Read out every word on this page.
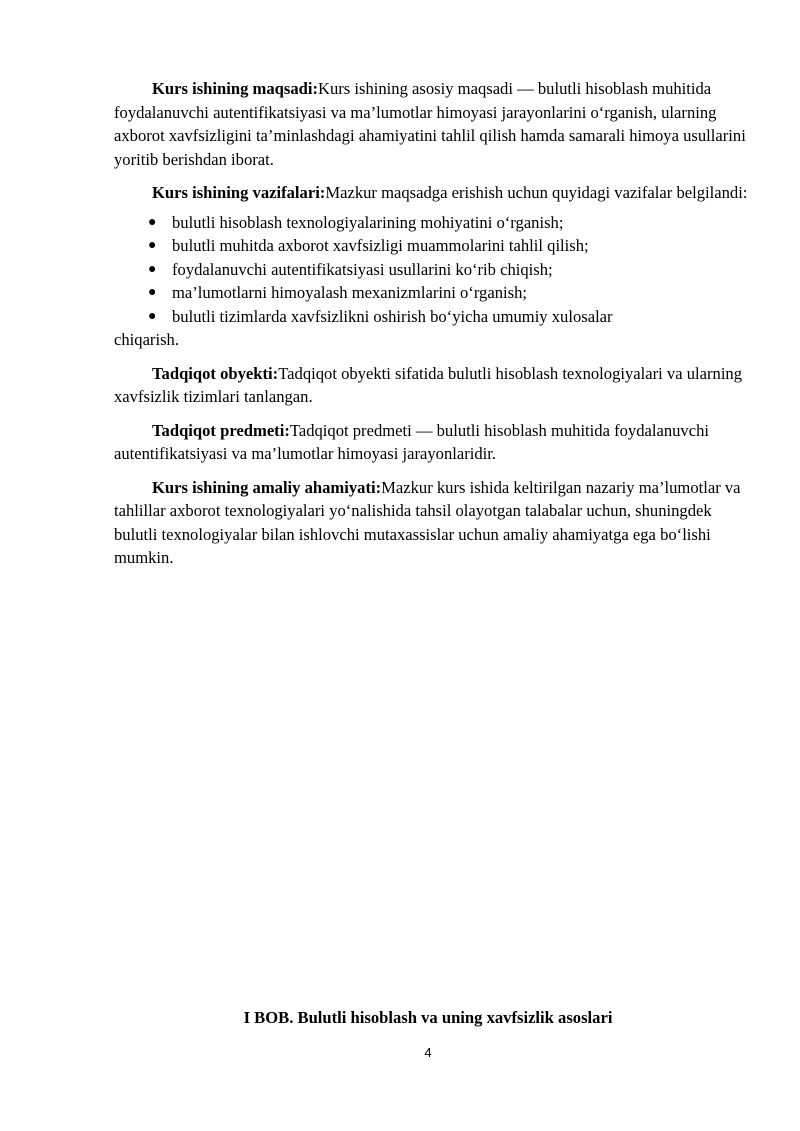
Kurs ishining maqsadi:Kurs ishining asosiy maqsadi — bulutli hisoblash muhitida foydalanuvchi autentifikatsiyasi va ma’lumotlar himoyasi jarayonlarini o‘rganish, ularning axborot xavfsizligini ta’minlashdagi ahamiyatini tahlil qilish hamda samarali himoya usullarini yoritib berishdan iborat.

Kurs ishining vazifalari:Mazkur maqsadga erishish uchun quyidagi vazifalar belgilandi:

● bulutli hisoblash texnologiyalarining mohiyatini o‘rganish;
● bulutli muhitda axborot xavfsizligi muammolarini tahlil qilish;
● foydalanuvchi autentifikatsiyasi usullarini ko‘rib chiqish;
● ma’lumotlarni himoyalash mexanizmlarini o‘rganish;
● bulutli tizimlarda xavfsizlikni oshirish bo‘yicha umumiy xulosalar

chiqarish.

Tadqiqot obyekti:Tadqiqot obyekti sifatida bulutli hisoblash texnologiyalari va ularning xavfsizlik tizimlari tanlangan.

Tadqiqot predmeti:Tadqiqot predmeti — bulutli hisoblash muhitida foydalanuvchi autentifikatsiyasi va ma’lumotlar himoyasi jarayonlaridir.

Kurs ishining amaliy ahamiyati:Mazkur kurs ishida keltirilgan nazariy ma’lumotlar va tahlillar axborot texnologiyalari yo‘nalishida tahsil olayotgan talabalar uchun, shuningdek bulutli texnologiyalar bilan ishlovchi mutaxassislar uchun amaliy ahamiyatga ega bo‘lishi mumkin.

I BOB. Bulutli hisoblash va uning xavfsizlik asoslari
4
